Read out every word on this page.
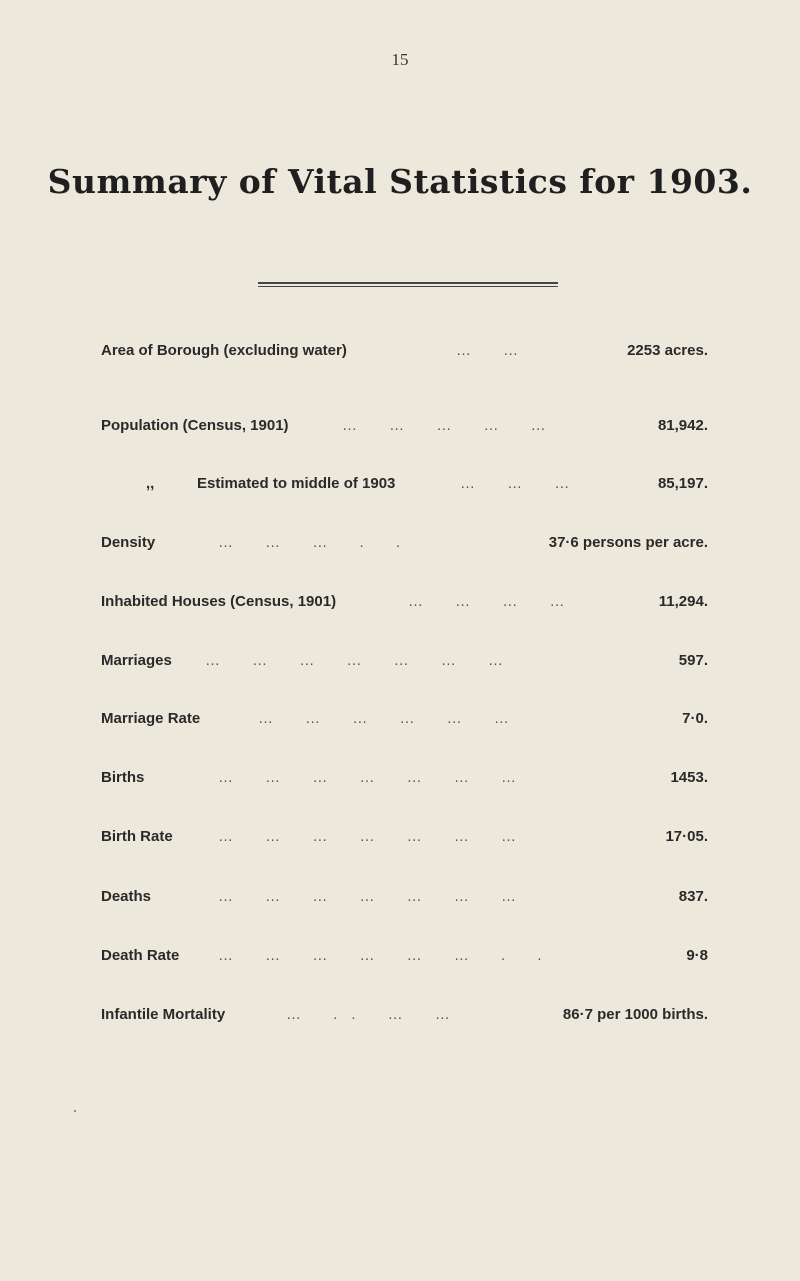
15
Summary of Vital Statistics for 1903.
Area of Borough (excluding water)	… …	2253 acres.
Population (Census, 1901)	… … … … …	81,942.
,,	Estimated to middle of 1903	… … …	85,197.
Density	… … … . .	37·6 persons per acre.
Inhabited Houses (Census, 1901)	… … … …	11,294.
Marriages … … … … … … …	597.
Marriage Rate	… … … … … …	7·0.
Births	… … … … … … …	1453.
Birth Rate	… … … … … … …	17·05.
Deaths	… … … … … … …	837.
Death Rate	… … … … … … . .	9·8
Infantile Mortality	… .. … …	86·7 per 1000 births.
